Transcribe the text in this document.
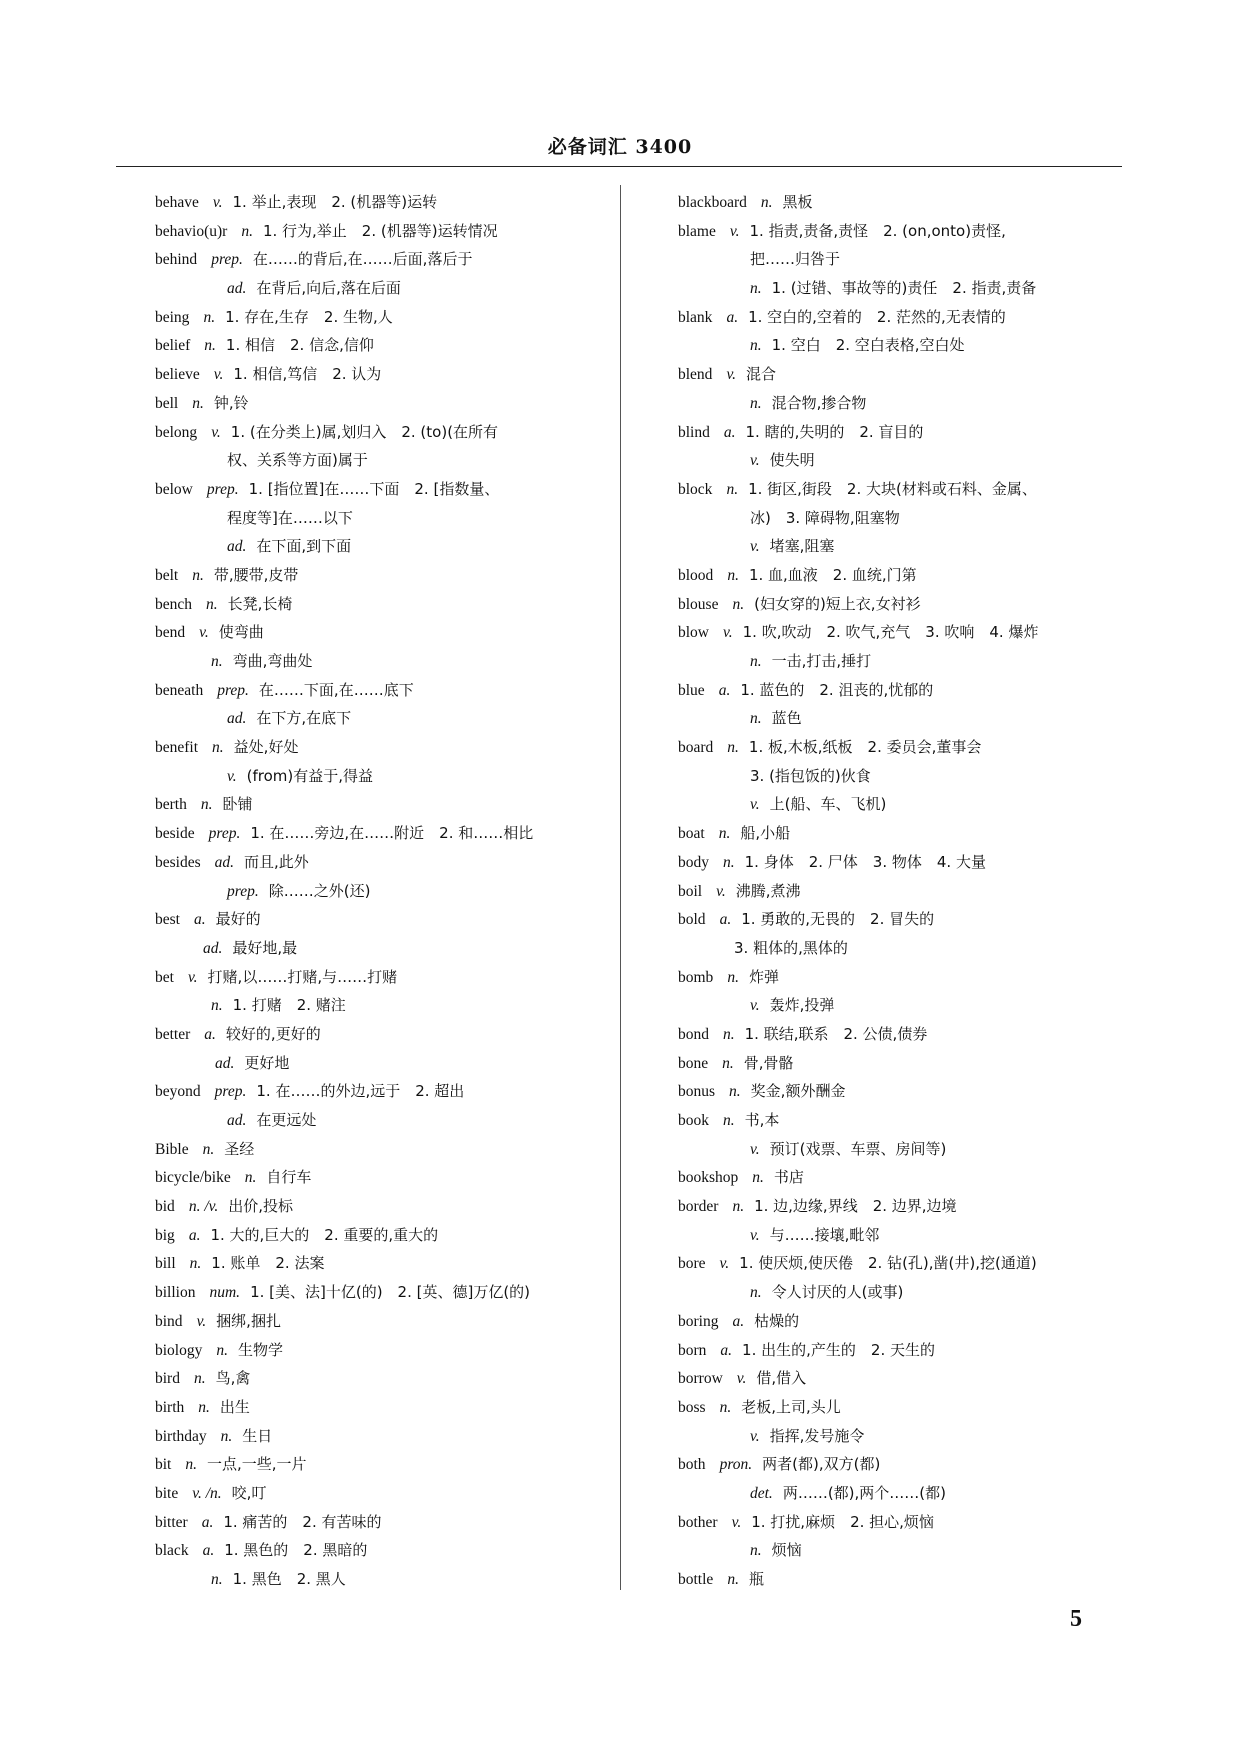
必备词汇 3400
behave v. 1. 举止,表现　2. (机器等)运转
behavio(u)r n. 1. 行为,举止　2. (机器等)运转情况
behind prep. 在……的背后,在……后面,落后于
ad. 在背后,向后,落在后面
being n. 1. 存在,生存　2. 生物,人
belief n. 1. 相信　2. 信念,信仰
believe v. 1. 相信,笃信　2. 认为
bell n. 钟,铃
belong v. 1. (在分类上)属,划归入　2. (to)(在所有
权、关系等方面)属于
below prep. 1. [指位置]在……下面　2. [指数量、
程度等]在……以下
ad. 在下面,到下面
belt n. 带,腰带,皮带
bench n. 长凳,长椅
bend v. 使弯曲
n. 弯曲,弯曲处
beneath prep. 在……下面,在……底下
ad. 在下方,在底下
benefit n. 益处,好处
v. (from)有益于,得益
berth n. 卧铺
beside prep. 1. 在……旁边,在……附近　2. 和……相比
besides ad. 而且,此外
prep. 除……之外(还)
best a. 最好的
ad. 最好地,最
bet v. 打赌,以……打赌,与……打赌
n. 1. 打赌　2. 赌注
better a. 较好的,更好的
ad. 更好地
beyond prep. 1. 在……的外边,远于　2. 超出
ad. 在更远处
Bible n. 圣经
bicycle/bike n. 自行车
bid n. /v. 出价,投标
big a. 1. 大的,巨大的　2. 重要的,重大的
bill n. 1. 账单　2. 法案
billion num. 1. [美、法]十亿(的)　2. [英、德]万亿(的)
bind v. 捆绑,捆扎
biology n. 生物学
bird n. 鸟,禽
birth n. 出生
birthday n. 生日
bit n. 一点,一些,一片
bite v. /n. 咬,叮
bitter a. 1. 痛苦的　2. 有苦味的
black a. 1. 黑色的　2. 黑暗的
n. 1. 黑色　2. 黑人
blackboard n. 黑板
blame v. 1. 指责,责备,责怪　2. (on,onto)责怪,
把……归咎于
n. 1. (过错、事故等的)责任　2. 指责,责备
blank a. 1. 空白的,空着的　2. 茫然的,无表情的
n. 1. 空白　2. 空白表格,空白处
blend v. 混合
n. 混合物,掺合物
blind a. 1. 瞎的,失明的　2. 盲目的
v. 使失明
block n. 1. 街区,街段　2. 大块(材料或石料、金属、
冰)　3. 障碍物,阻塞物
v. 堵塞,阻塞
blood n. 1. 血,血液　2. 血统,门第
blouse n. (妇女穿的)短上衣,女衬衫
blow v. 1. 吹,吹动　2. 吹气,充气　3. 吹响　4. 爆炸
n. 一击,打击,捶打
blue a. 1. 蓝色的　2. 沮丧的,忧郁的
n. 蓝色
board n. 1. 板,木板,纸板　2. 委员会,董事会
3. (指包饭的)伙食
v. 上(船、车、飞机)
boat n. 船,小船
body n. 1. 身体　2. 尸体　3. 物体　4. 大量
boil v. 沸腾,煮沸
bold a. 1. 勇敢的,无畏的　2. 冒失的
3. 粗体的,黑体的
bomb n. 炸弹
v. 轰炸,投弹
bond n. 1. 联结,联系　2. 公债,债券
bone n. 骨,骨骼
bonus n. 奖金,额外酬金
book n. 书,本
v. 预订(戏票、车票、房间等)
bookshop n. 书店
border n. 1. 边,边缘,界线　2. 边界,边境
v. 与……接壤,毗邻
bore v. 1. 使厌烦,使厌倦　2. 钻(孔),凿(井),挖(通道)
n. 令人讨厌的人(或事)
boring a. 枯燥的
born a. 1. 出生的,产生的　2. 天生的
borrow v. 借,借入
boss n. 老板,上司,头儿
v. 指挥,发号施令
both pron. 两者(都),双方(都)
det. 两……(都),两个……(都)
bother v. 1. 打扰,麻烦　2. 担心,烦恼
n. 烦恼
bottle n. 瓶
5
